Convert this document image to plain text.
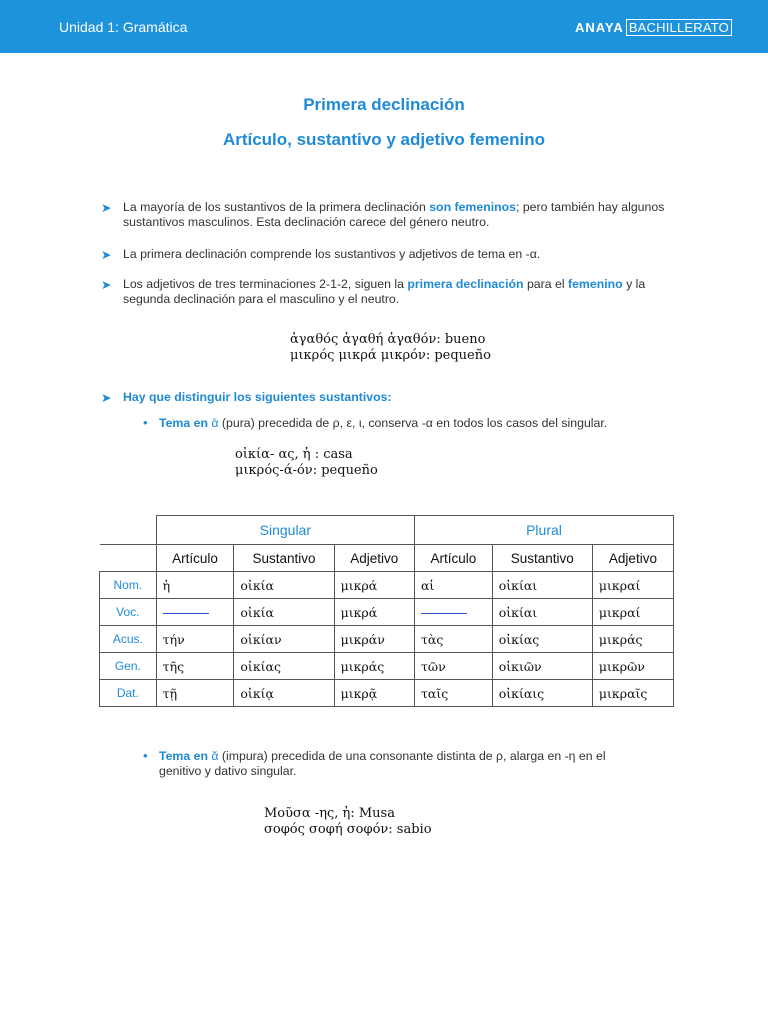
Unidad 1: Gramática	ANAYA BACHILLERATO
Primera declinación
Artículo, sustantivo y adjetivo femenino
➤ La mayoría de los sustantivos de la primera declinación son femeninos; pero también hay algunos sustantivos masculinos. Esta declinación carece del género neutro.
➤ La primera declinación comprende los sustantivos y adjetivos de tema en -α.
➤ Los adjetivos de tres terminaciones 2-1-2, siguen la primera declinación para el femenino y la segunda declinación para el masculino y el neutro.
ἀγαθός ἀγαθή ἀγαθόν: bueno
μικρός μικρά μικρόν: pequeño
➤ Hay que distinguir los siguientes sustantivos:
• Tema en ᾱ (pura) precedida de ρ, ε, ι, conserva -α en todos los casos del singular.
οἰκία- ας, ἡ : casa
μικρός-ά-όν: pequeño
	Singular			Plural		
	Artículo	Sustantivo	Adjetivo	Artículo	Sustantivo	Adjetivo
Nom.	ἡ	οἰκία	μικρά	αἱ	οἰκίαι	μικραί
Voc.		οἰκία	μικρά		οἰκίαι	μικραί
Acus.	τήν	οἰκίαν	μικράν	τὰς	οἰκίας	μικράς
Gen.	τῆς	οἰκίας	μικράς	τῶν	οἰκιῶν	μικρῶν
Dat.	τῇ	οἰκίᾳ	μικρᾷ	ταῖς	οἰκίαις	μικραῖς
• Tema en ᾰ (impura) precedida de una consonante distinta de ρ, alarga en -η en el genitivo y dativo singular.
Μοῦσα -ης, ἡ: Musa
σοφός σοφή σοφόν: sabio
